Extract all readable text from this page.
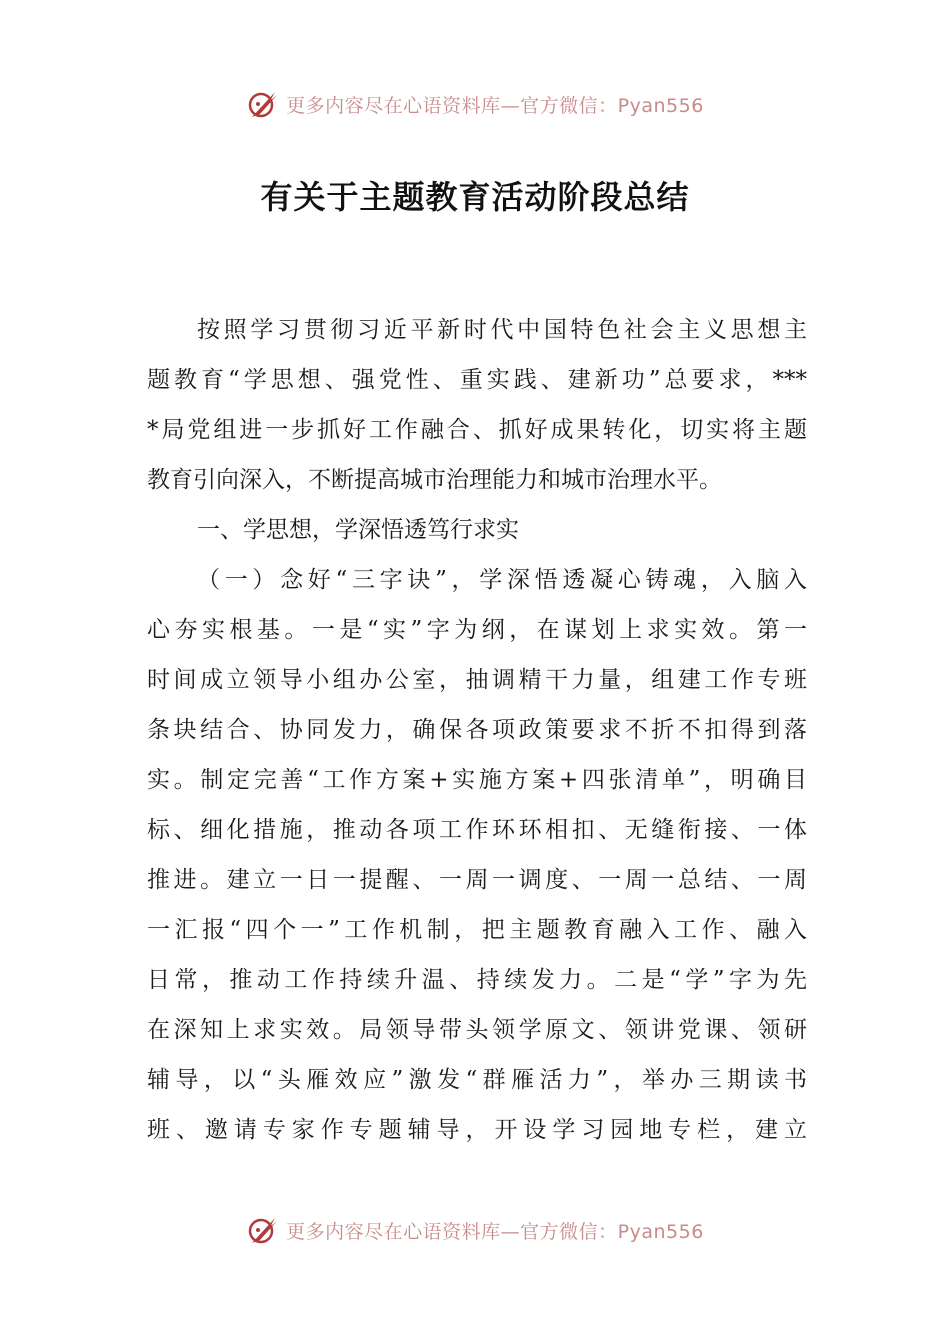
更多内容尽在心语资料库—官方微信：Pyan556
有关于主题教育活动阶段总结
按照学习贯彻习近平新时代中国特色社会主义思想主
题教育“学思想、强党性、重实践、建新功”总要求，***
*局党组进一步抓好工作融合、抓好成果转化，切实将主题
教育引向深入，不断提高城市治理能力和城市治理水平。
一、学思想，学深悟透笃行求实
（一）念好“三字诀”，学深悟透凝心铸魂，入脑入
心夯实根基。一是“实”字为纲，在谋划上求实效。第一
时间成立领导小组办公室，抽调精干力量，组建工作专班
条块结合、协同发力，确保各项政策要求不折不扣得到落
实。制定完善“工作方案+实施方案+四张清单”，明确目
标、细化措施，推动各项工作环环相扣、无缝衔接、一体
推进。建立一日一提醒、一周一调度、一周一总结、一周
一汇报“四个一”工作机制，把主题教育融入工作、融入
日常，推动工作持续升温、持续发力。二是“学”字为先
在深知上求实效。局领导带头领学原文、领讲党课、领研
辅导，以“头雁效应”激发“群雁活力”，举办三期读书
班、邀请专家作专题辅导，开设学习园地专栏，建立
更多内容尽在心语资料库—官方微信：Pyan556
